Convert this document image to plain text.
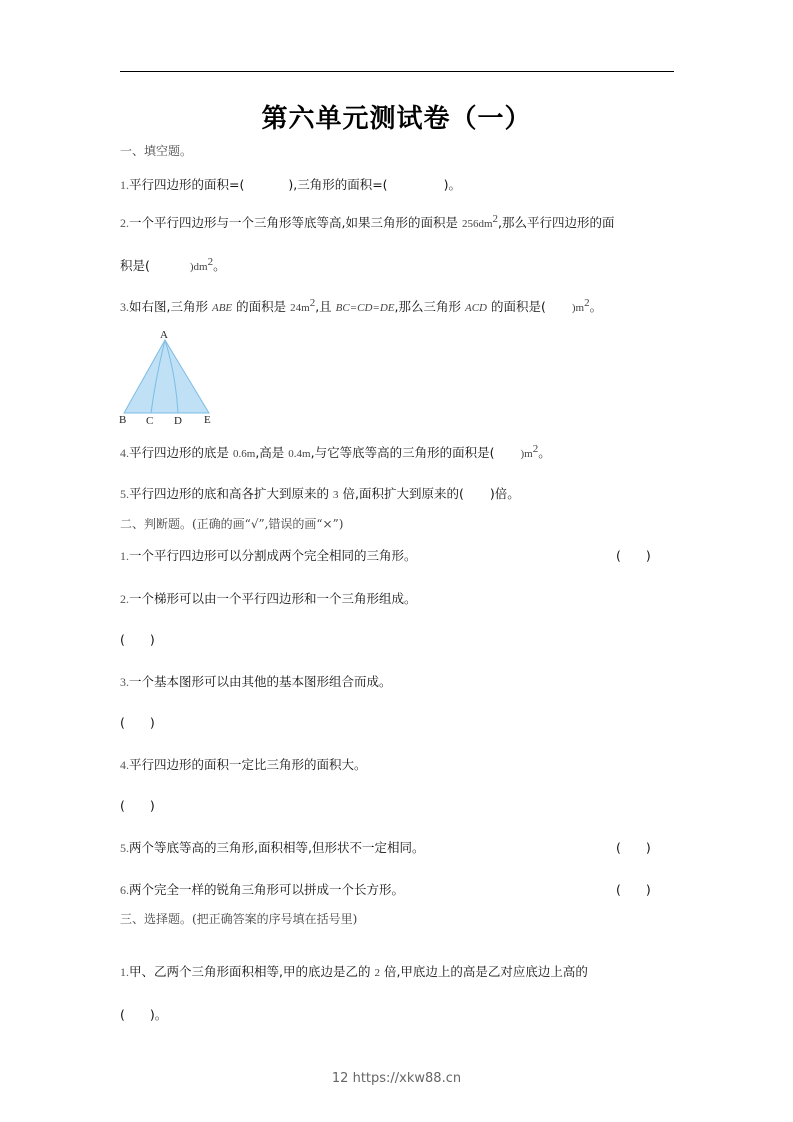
第六单元测试卷（一）
一、填空题。
1.平行四边形的面积=(	),三角形的面积=(	)。
2.一个平行四边形与一个三角形等底等高,如果三角形的面积是 $256dm^2$,那么平行四边形的面
积是(	)$dm^2$。
3.如右图,三角形 ABE 的面积是 $24m^2$,且 BC=CD=DE,那么三角形 ACD 的面积是( )$m^2$。
A
B C D E
4.平行四边形的底是 0.6m,高是 0.4m,与它等底等高的三角形的面积是( )$m^2$。
5.平行四边形的底和高各扩大到原来的 3 倍,面积扩大到原来的( )倍。
二、判断题。(正确的画“√”,错误的画“×”)
1.一个平行四边形可以分割成两个完全相同的三角形。	(　　)
2.一个梯形可以由一个平行四边形和一个三角形组成。
(　　)
3.一个基本图形可以由其他的基本图形组合而成。
(　　)
4.平行四边形的面积一定比三角形的面积大。
(　　)
5.两个等底等高的三角形,面积相等,但形状不一定相同。	(　　)
6.两个完全一样的锐角三角形可以拼成一个长方形。	(　　)
三、选择题。(把正确答案的序号填在括号里)
1.甲、乙两个三角形面积相等,甲的底边是乙的 2 倍,甲底边上的高是乙对应底边上高的
(　　)。
12 https://xkw88.cn
